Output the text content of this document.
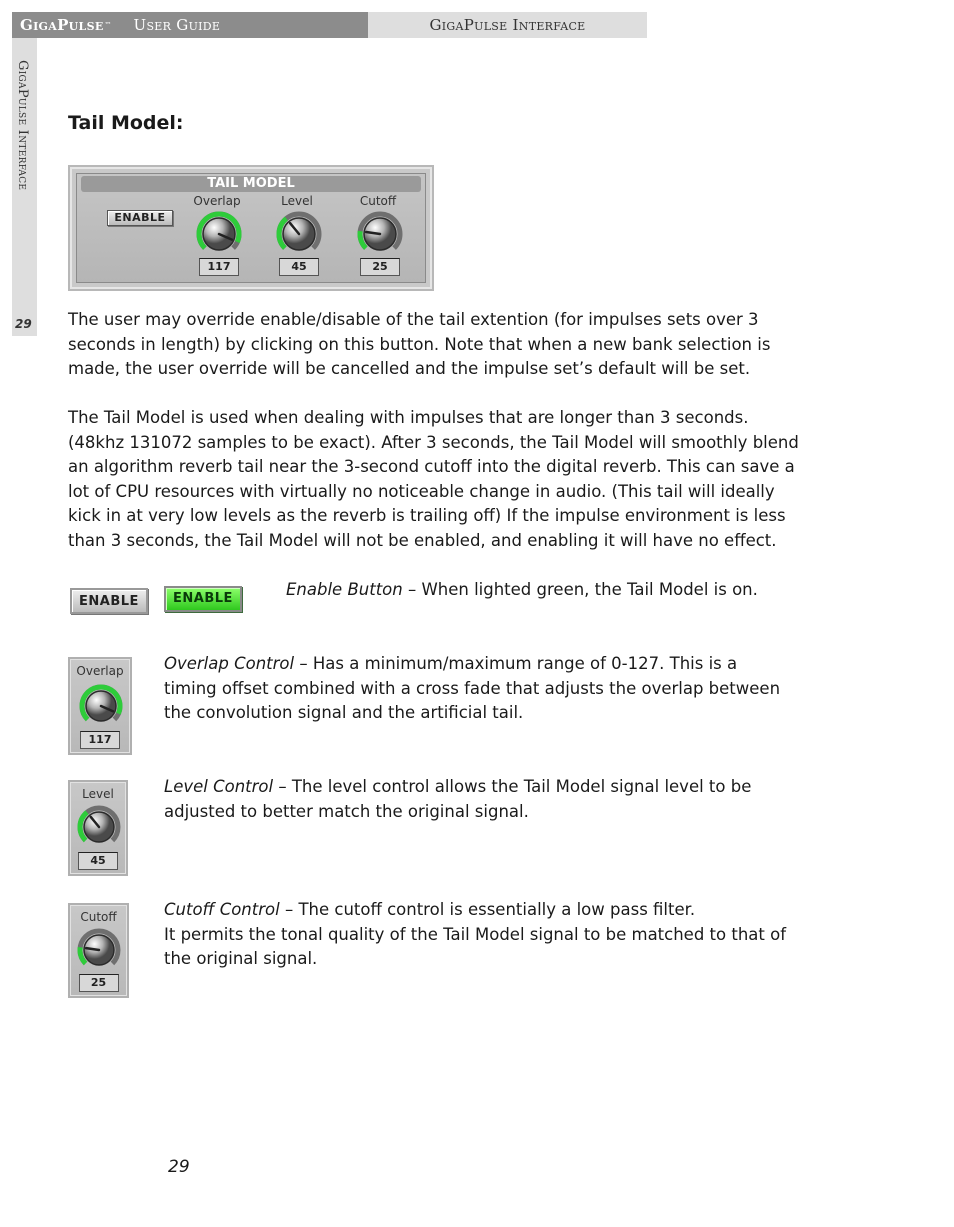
GigaPulse ™ User Guide	GigaPulse Interface
GigaPulse Interface
29
Tail Model:
TAIL MODEL
ENABLE
Overlap
117
Level
45
Cutoff
25

The user may override enable/disable of the tail extention (for impulses sets over 3
seconds in length) by clicking on this button. Note that when a new bank selection is
made, the user override will be cancelled and the impulse set’s default will be set.

The Tail Model is used when dealing with impulses that are longer than 3 seconds.
(48khz 131072 samples to be exact). After 3 seconds, the Tail Model will smoothly blend
an algorithm reverb tail near the 3-second cutoff into the digital reverb. This can save a
lot of CPU resources with virtually no noticeable change in audio. (This tail will ideally
kick in at very low levels as the reverb is trailing off) If the impulse environment is less
than 3 seconds, the Tail Model will not be enabled, and enabling it will have no effect.

ENABLE	ENABLE	Enable Button – When lighted green, the Tail Model is on.

Overlap
117

Overlap Control – Has a minimum/maximum range of 0-127. This is a
timing offset combined with a cross fade that adjusts the overlap between
the convolution signal and the artificial tail.

Level
45

Level Control – The level control allows the Tail Model signal level to be
adjusted to better match the original signal.

Cutoff
25

Cutoff Control – The cutoff control is essentially a low pass filter.
It permits the tonal quality of the Tail Model signal to be matched to that of
the original signal.

29
